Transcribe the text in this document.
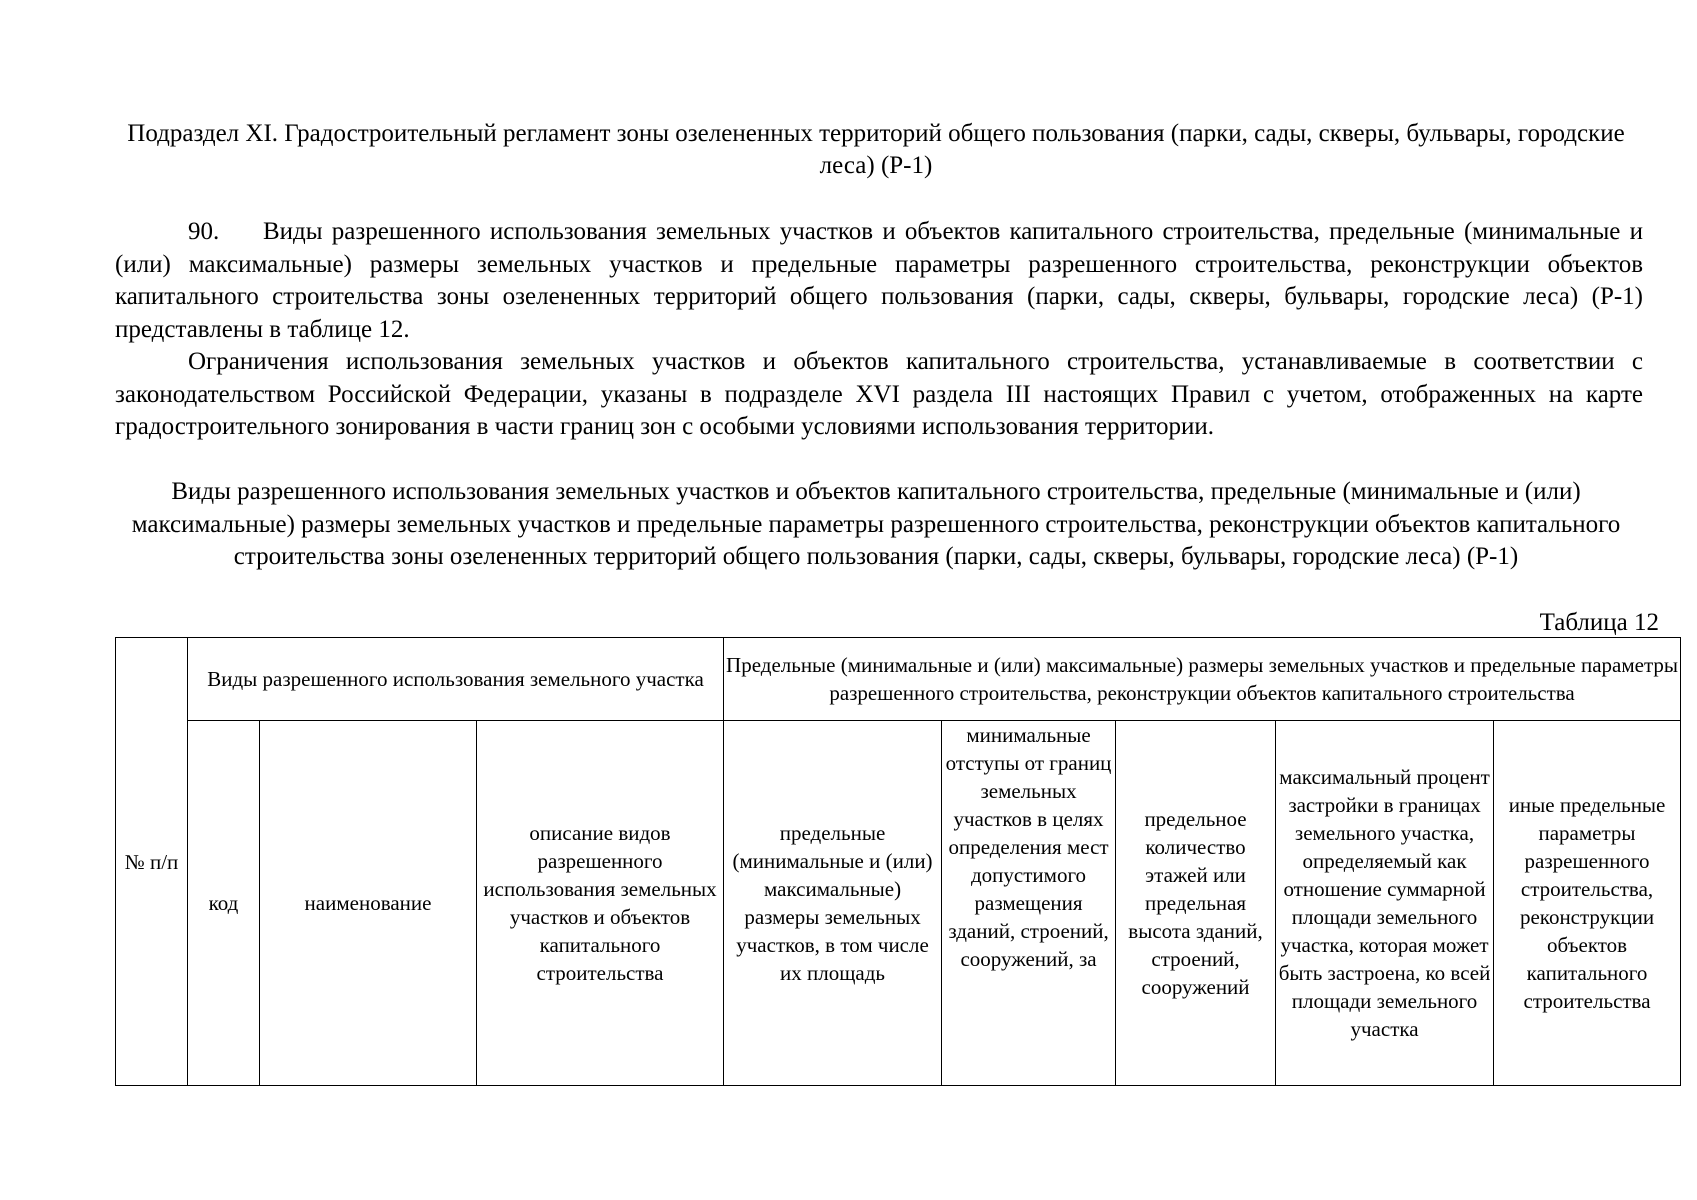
Подраздел XI. Градостроительный регламент зоны озелененных территорий общего пользования (парки, сады, скверы, бульвары, городские леса) (Р-1)

90. Виды разрешенного использования земельных участков и объектов капитального строительства, предельные (минимальные и (или) максимальные) размеры земельных участков и предельные параметры разрешенного строительства, реконструкции объектов капитального строительства зоны озелененных территорий общего пользования (парки, сады, скверы, бульвары, городские леса) (Р-1) представлены в таблице 12.

Ограничения использования земельных участков и объектов капитального строительства, устанавливаемые в соответствии с законодательством Российской Федерации, указаны в подразделе XVI раздела III настоящих Правил с учетом, отображенных на карте градостроительного зонирования в части границ зон с особыми условиями использования территории.

Виды разрешенного использования земельных участков и объектов капитального строительства, предельные (минимальные и (или) максимальные) размеры земельных участков и предельные параметры разрешенного строительства, реконструкции объектов капитального строительства зоны озелененных территорий общего пользования (парки, сады, скверы, бульвары, городские леса) (Р-1)
Таблица 12
№ п/п	Виды разрешенного использования земельного участка			Предельные (минимальные и (или) максимальные) размеры земельных участков и предельные параметры разрешенного строительства, реконструкции объектов капитального строительства				
	код	наименование	описание видов разрешенного использования земельных участков и объектов капитального строительства	предельные (минимальные и (или) максимальные) размеры земельных участков, в том числе их площадь	минимальные отступы от границ земельных участков в целях определения мест допустимого размещения зданий, строений, сооружений, за	предельное количество этажей или предельная высота зданий, строений, сооружений	максимальный процент застройки в границах земельного участка, определяемый как отношение суммарной площади земельного участка, которая может быть застроена, ко всей площади земельного участка	иные предельные параметры разрешенного строительства, реконструкции объектов капитального строительства
